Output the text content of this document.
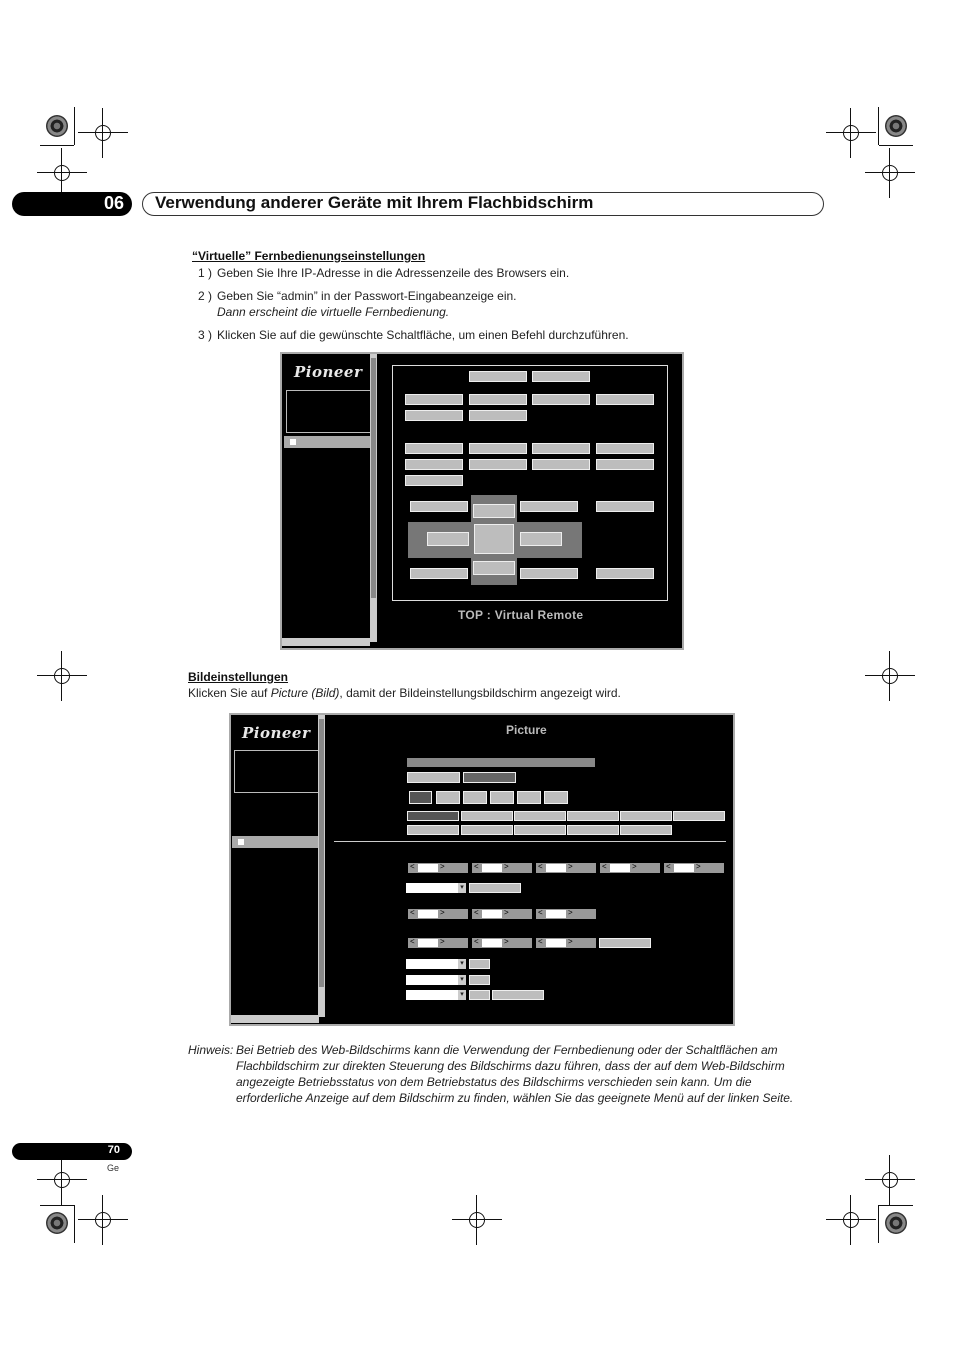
06 Verwendung anderer Geräte mit Ihrem Flachbidschirm
“Virtuelle” Fernbedienungseinstellungen
1 ) Geben Sie Ihre IP-Adresse in die Adressenzeile des Browsers ein.
2 ) Geben Sie “admin” in der Passwort-Eingabeanzeige ein.
Dann erscheint die virtuelle Fernbedienung.
3 ) Klicken Sie auf die gewünschte Schaltfläche, um einen Befehl durchzuführen.
Pioneer
TOP : Virtual Remote
Bildeinstellungen
Klicken Sie auf Picture (Bild), damit der Bildeinstellungsbildschirm angezeigt wird.
Pioneer	Picture
<	>	<	>	<	>	<	>	<	>
▾
<	>	<	>	<	>
<	>	<	>	<	>
▾
▾
▾
Hinweis: Bei Betrieb des Web-Bildschirms kann die Verwendung der Fernbedienung oder der Schaltflächen am
Flachbildschirm zur direkten Steuerung des Bildschirms dazu führen, dass der auf dem Web-Bildschirm
angezeigte Betriebsstatus von dem Betriebstatus des Bildschirms verschieden sein kann. Um die
erforderliche Anzeige auf dem Bildschirm zu finden, wählen Sie das geeignete Menü auf der linken Seite.
70
Ge
